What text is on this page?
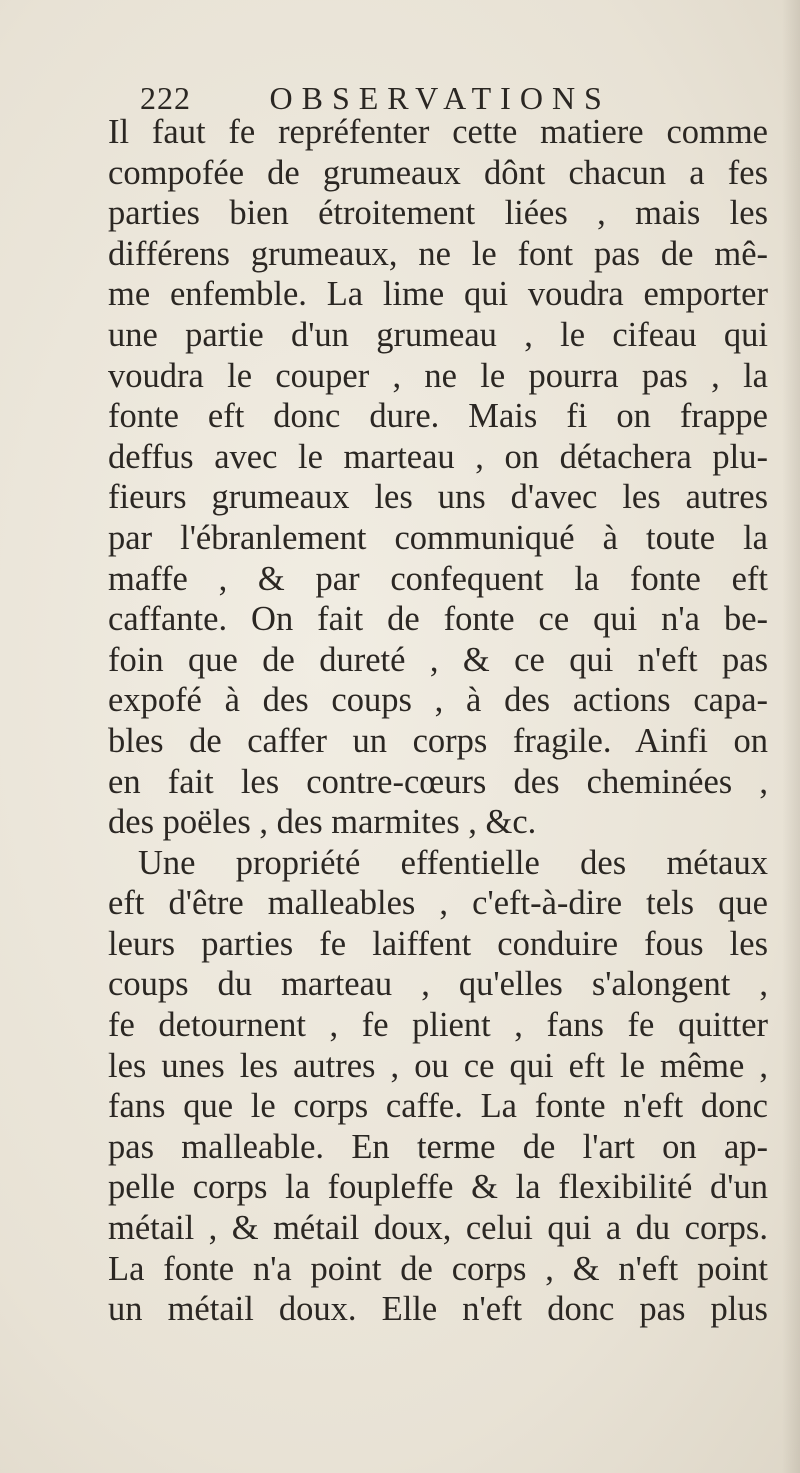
222 OBSERVATIONS
Il faut fe repréfenter cette matiere comme
compofée de grumeaux dônt chacun a fes
parties bien étroitement liées , mais les
différens grumeaux, ne le font pas de mê-
me enfemble. La lime qui voudra emporter
une partie d'un grumeau , le cifeau qui
voudra le couper , ne le pourra pas , la
fonte eft donc dure. Mais fi on frappe
deffus avec le marteau , on détachera plu-
fieurs grumeaux les uns d'avec les autres
par l'ébranlement communiqué à toute la
maffe , & par confequent la fonte eft
caffante. On fait de fonte ce qui n'a be-
foin que de dureté , & ce qui n'eft pas
expofé à des coups , à des actions capa-
bles de caffer un corps fragile. Ainfi on
en fait les contre-cœurs des cheminées ,
des poëles , des marmites , &c.
Une propriété effentielle des métaux
eft d'être malleables , c'eft-à-dire tels que
leurs parties fe laiffent conduire fous les
coups du marteau , qu'elles s'alongent ,
fe detournent , fe plient , fans fe quitter
les unes les autres , ou ce qui eft le même ,
fans que le corps caffe. La fonte n'eft donc
pas malleable. En terme de l'art on ap-
pelle corps la foupleffe & la flexibilité d'un
métail , & métail doux, celui qui a du corps.
La fonte n'a point de corps , & n'eft point
un métail doux. Elle n'eft donc pas plus
